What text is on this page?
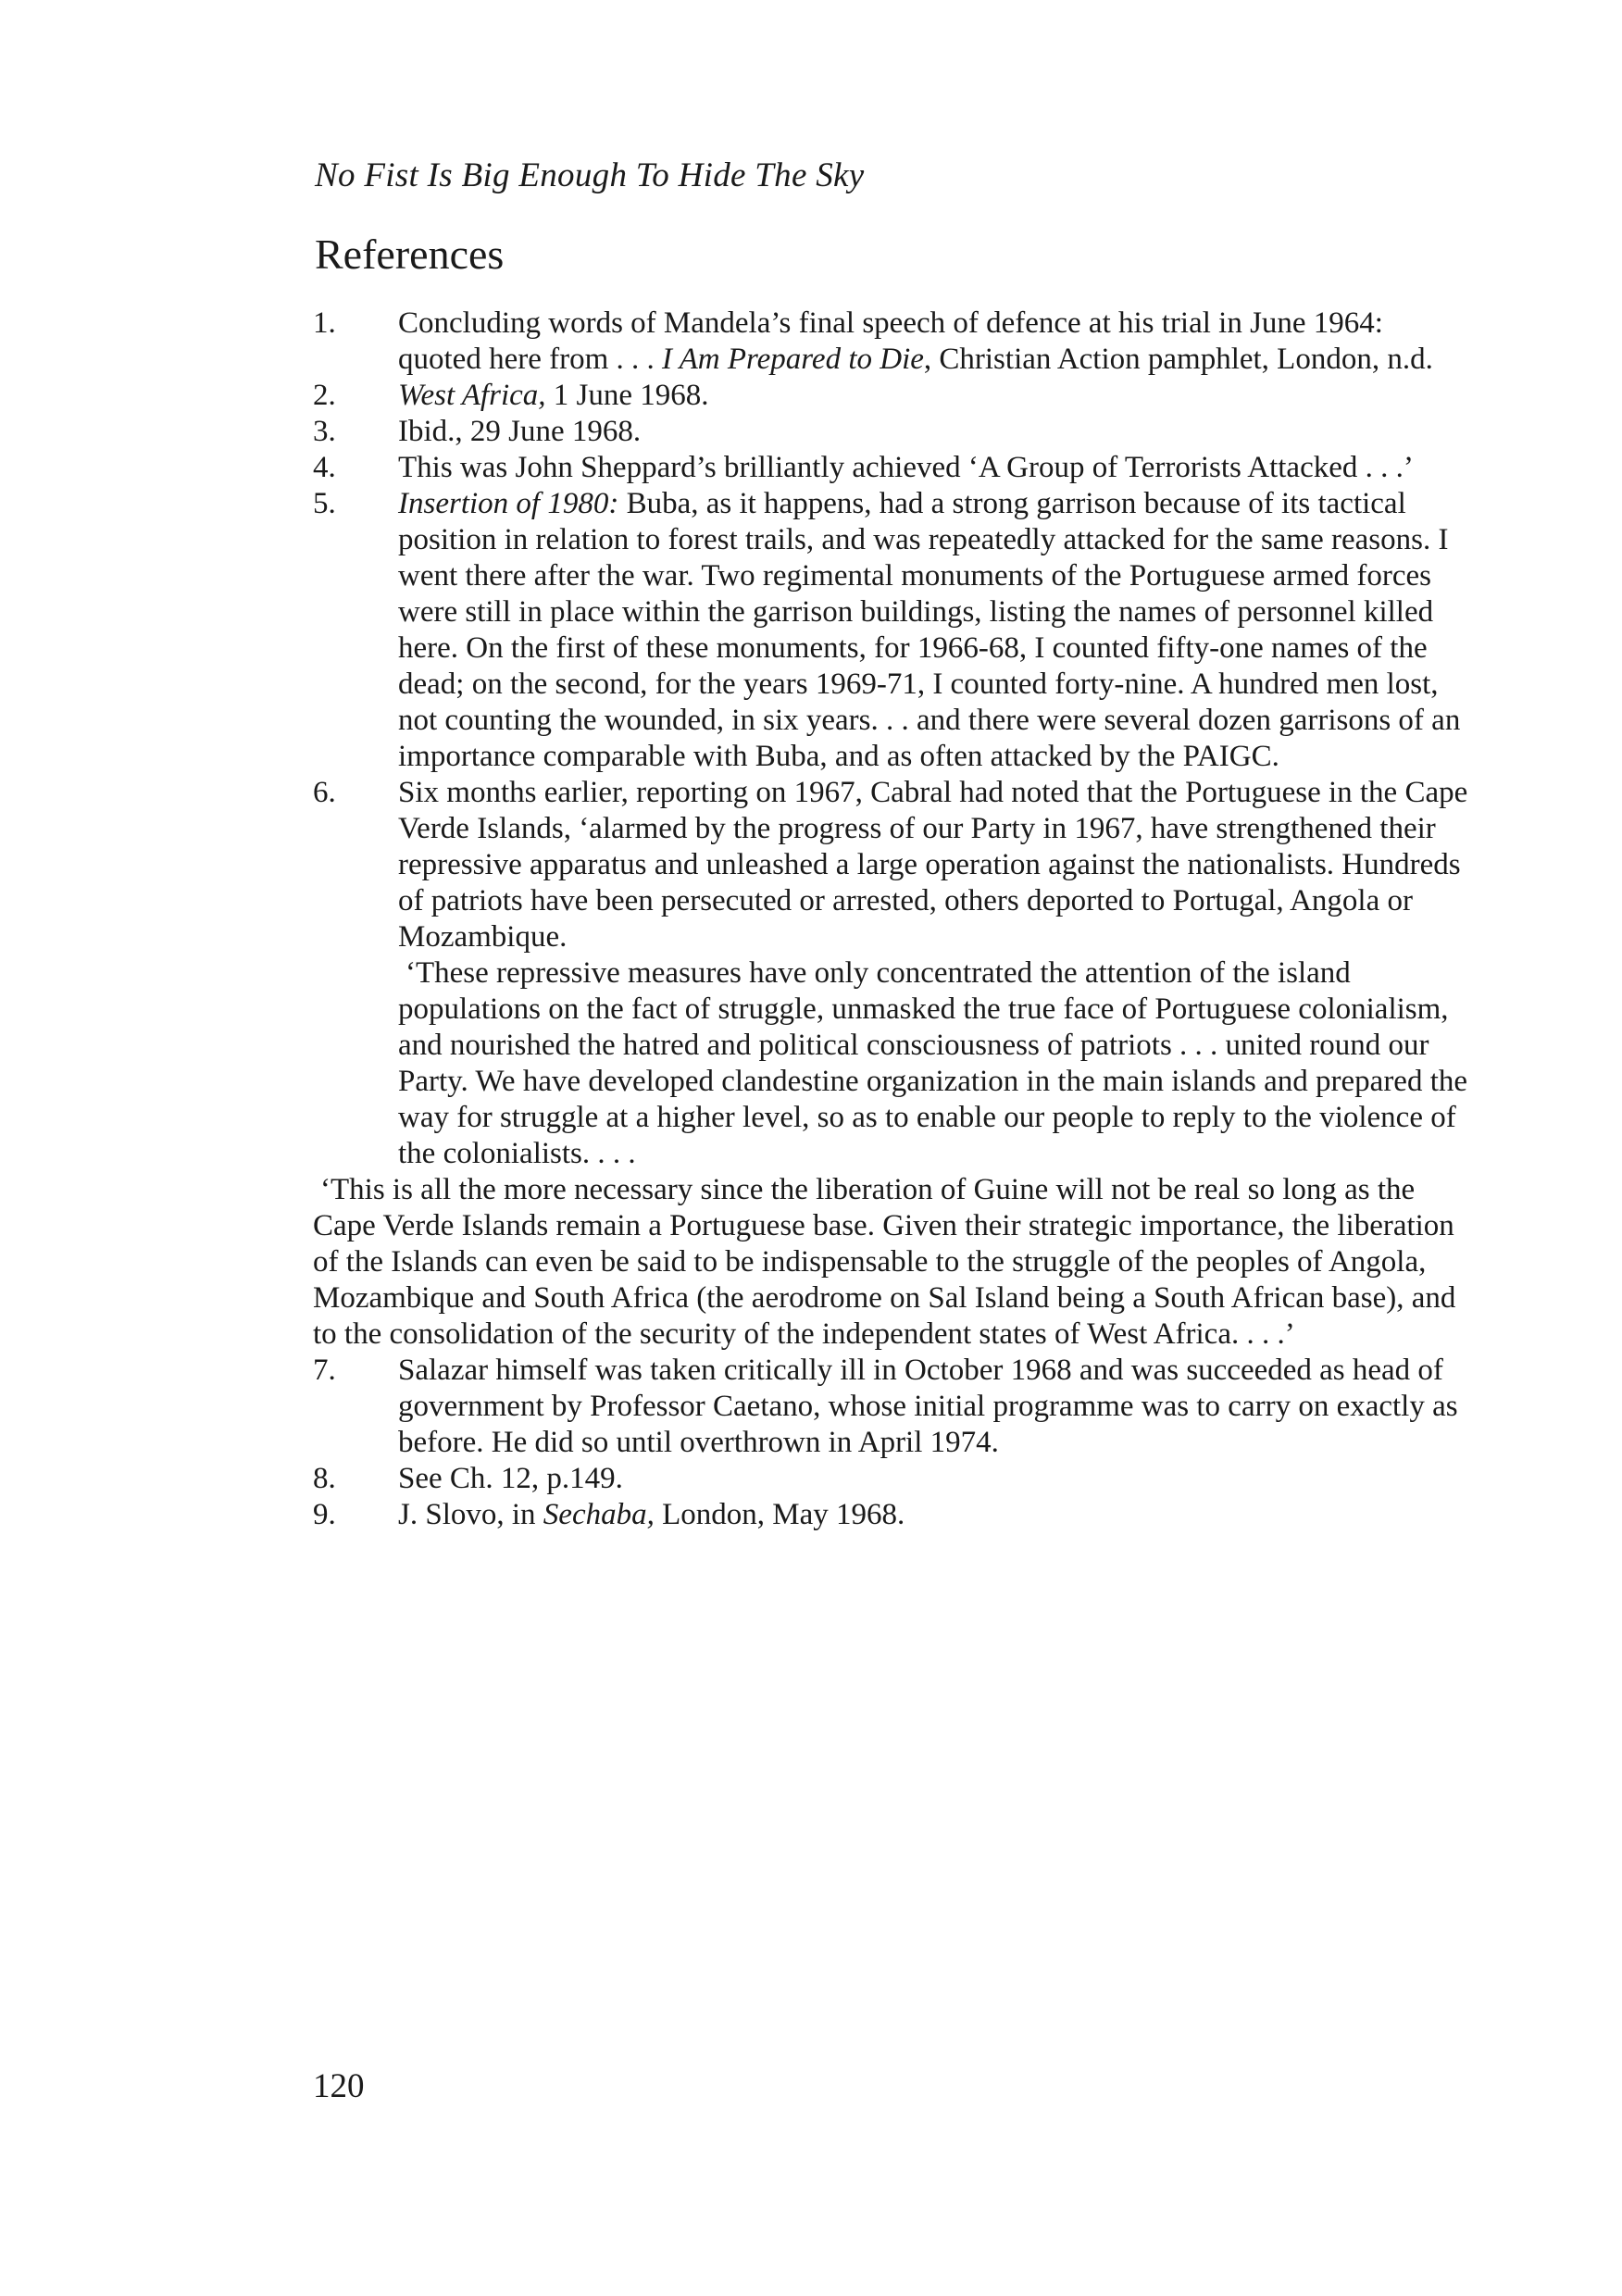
No Fist Is Big Enough To Hide The Sky
References
1.	Concluding words of Mandela’s final speech of defence at his trial in June 1964: quoted here from . . . I Am Prepared to Die, Christian Action pamphlet, London, n.d.

2.	West Africa, 1 June 1968.

3.	Ibid., 29 June 1968.

4.	This was John Sheppard’s brilliantly achieved ‘A Group of Terrorists Attacked . . .’

5.	Insertion of 1980: Buba, as it happens, had a strong garrison because of its tactical position in relation to forest trails, and was repeatedly attacked for the same reasons. I went there after the war. Two regimental monuments of the Portuguese armed forces were still in place within the garrison buildings, listing the names of personnel killed here. On the first of these monuments, for 1966-68, I counted fifty-one names of the dead; on the second, for the years 1969-71, I counted forty-nine. A hundred men lost, not counting the wounded, in six years. . . and there were several dozen garrisons of an importance comparable with Buba, and as often attacked by the PAIGC.

6.	Six months earlier, reporting on 1967, Cabral had noted that the Portuguese in the Cape Verde Islands, ‘alarmed by the progress of our Party in 1967, have strengthened their repressive apparatus and unleashed a large operation against the nationalists. Hundreds of patriots have been persecuted or arrested, others deported to Portugal, Angola or Mozambique.

‘These repressive measures have only concentrated the attention of the island populations on the fact of struggle, unmasked the true face of Portuguese colonialism, and nourished the hatred and political consciousness of patriots . . . united round our Party. We have developed clandestine organization in the main islands and prepared the way for struggle at a higher level, so as to enable our people to reply to the violence of the colonialists. . . .

‘This is all the more necessary since the liberation of Guine will not be real so long as the Cape Verde Islands remain a Portuguese base. Given their strategic importance, the liberation of the Islands can even be said to be indispensable to the struggle of the peoples of Angola, Mozambique and South Africa (the aerodrome on Sal Island being a South African base), and to the consolidation of the security of the independent states of West Africa. . . .’

7.	Salazar himself was taken critically ill in October 1968 and was succeeded as head of government by Professor Caetano, whose initial programme was to carry on exactly as before. He did so until overthrown in April 1974.

8.	See Ch. 12, p.149.

9.	J. Slovo, in Sechaba, London, May 1968.

120
